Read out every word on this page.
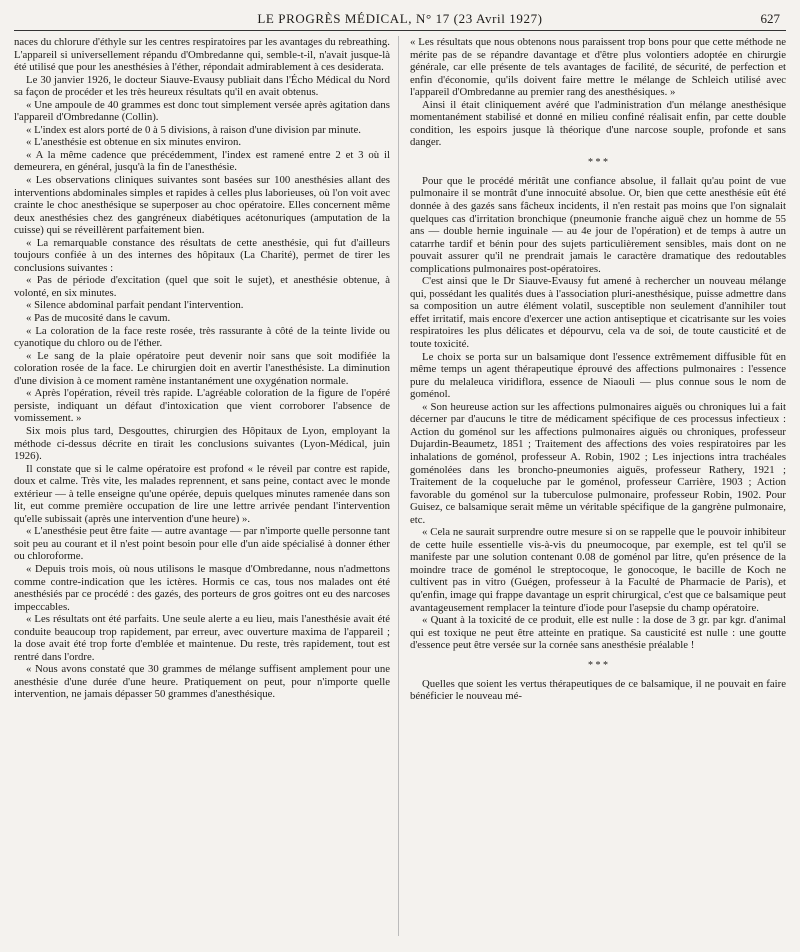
LE PROGRÈS MÉDICAL, N° 17 (23 Avril 1927)	627

naces du chlorure d'éthyle sur les centres respiratoires par les avantages du rebreathing. L'appareil si universellement répandu d'Ombredanne qui, semble-t-il, n'avait jusque-là été utilisé que pour les anesthésies à l'éther, répondait admirablement à ces desiderata.

Le 30 janvier 1926, le docteur Siauve-Evausy publiait dans l'Écho Médical du Nord sa façon de procéder et les très heureux résultats qu'il en avait obtenus.

« Une ampoule de 40 grammes est donc tout simplement versée après agitation dans l'appareil d'Ombredanne (Collin).

« L'index est alors porté de 0 à 5 divisions, à raison d'une division par minute.

« L'anesthésie est obtenue en six minutes environ.

« A la même cadence que précédemment, l'index est ramené entre 2 et 3 où il demeurera, en général, jusqu'à la fin de l'anesthésie.

« Les observations cliniques suivantes sont basées sur 100 anesthésies allant des interventions abdominales simples et rapides à celles plus laborieuses, où l'on voit avec crainte le choc anesthésique se superposer au choc opératoire. Elles concernent même deux anesthésies chez des gangréneux diabétiques acétonuriques (amputation de la cuisse) qui se réveillèrent parfaitement bien.

« La remarquable constance des résultats de cette anesthésie, qui fut d'ailleurs toujours confiée à un des internes des hôpitaux (La Charité), permet de tirer les conclusions suivantes :

« Pas de période d'excitation (quel que soit le sujet), et anesthésie obtenue, à volonté, en six minutes.

« Silence abdominal parfait pendant l'intervention.

« Pas de mucosité dans le cavum.

« La coloration de la face reste rosée, très rassurante à côté de la teinte livide ou cyanotique du chloro ou de l'éther.

« Le sang de la plaie opératoire peut devenir noir sans que soit modifiée la coloration rosée de la face. Le chirurgien doit en avertir l'anesthésiste. La diminution d'une division à ce moment ramène instantanément une oxygénation normale.

« Après l'opération, réveil très rapide. L'agréable coloration de la figure de l'opéré persiste, indiquant un défaut d'intoxication que vient corroborer l'absence de vomissement. »

Six mois plus tard, Desgouttes, chirurgien des Hôpitaux de Lyon, employant la méthode ci-dessus décrite en tirait les conclusions suivantes (Lyon-Médical, juin 1926).

Il constate que si le calme opératoire est profond « le réveil par contre est rapide, doux et calme. Très vite, les malades reprennent, et sans peine, contact avec le monde extérieur — à telle enseigne qu'une opérée, depuis quelques minutes ramenée dans son lit, eut comme première occupation de lire une lettre arrivée pendant l'intervention qu'elle subissait (après une intervention d'une heure) ».

« L'anesthésie peut être faite — autre avantage — par n'importe quelle personne tant soit peu au courant et il n'est point besoin pour elle d'un aide spécialisé à donner éther ou chloroforme.

« Depuis trois mois, où nous utilisons le masque d'Ombredanne, nous n'admettons comme contre-indication que les ictères. Hormis ce cas, tous nos malades ont été anesthésiés par ce procédé : des gazés, des porteurs de gros goitres ont eu des narcoses impeccables.

« Les résultats ont été parfaits. Une seule alerte a eu lieu, mais l'anesthésie avait été conduite beaucoup trop rapidement, par erreur, avec ouverture maxima de l'appareil ; la dose avait été trop forte d'emblée et maintenue. Du reste, très rapidement, tout est rentré dans l'ordre.

« Nous avons constaté que 30 grammes de mélange suffisent amplement pour une anesthésie d'une durée d'une heure. Pratiquement on peut, pour n'importe quelle intervention, ne jamais dépasser 50 grammes d'anesthésique.

« Les résultats que nous obtenons nous paraissent trop bons pour que cette méthode ne mérite pas de se répandre davantage et d'être plus volontiers adoptée en chirurgie générale, car elle présente de tels avantages de facilité, de sécurité, de perfection et enfin d'économie, qu'ils doivent faire mettre le mélange de Schleich utilisé avec l'appareil d'Ombredanne au premier rang des anesthésiques. »

Ainsi il était cliniquement avéré que l'administration d'un mélange anesthésique momentanément stabilisé et donné en milieu confiné réalisait enfin, par cette double condition, les espoirs jusque là théorique d'une narcose souple, profonde et sans danger.

* * *

Pour que le procédé méritât une confiance absolue, il fallait qu'au point de vue pulmonaire il se montrât d'une innocuité absolue. Or, bien que cette anesthésie eût été donnée à des gazés sans fâcheux incidents, il n'en restait pas moins que l'on signalait quelques cas d'irritation bronchique (pneumonie franche aiguë chez un homme de 55 ans — double hernie inguinale — au 4e jour de l'opération) et de temps à autre un catarrhe tardif et bénin pour des sujets particulièrement sensibles, mais dont on ne pouvait assurer qu'il ne prendrait jamais le caractère dramatique des redoutables complications pulmonaires post-opératoires.

C'est ainsi que le Dr Siauve-Evausy fut amené à rechercher un nouveau mélange qui, possédant les qualités dues à l'association pluri-anesthésique, puisse admettre dans sa composition un autre élément volatil, susceptible non seulement d'annihiler tout effet irritatif, mais encore d'exercer une action antiseptique et cicatrisante sur les voies respiratoires les plus délicates et dépourvu, cela va de soi, de toute causticité et de toute toxicité.

Le choix se porta sur un balsamique dont l'essence extrêmement diffusible fût en même temps un agent thérapeutique éprouvé des affections pulmonaires : l'essence pure du melaleuca viridiflora, essence de Niaouli — plus connue sous le nom de goménol.

« Son heureuse action sur les affections pulmonaires aiguës ou chroniques lui a fait décerner par d'aucuns le titre de médicament spécifique de ces processus infectieux : Action du goménol sur les affections pulmonaires aiguës ou chroniques, professeur Dujardin-Beaumetz, 1851 ; Traitement des affections des voies respiratoires par les inhalations de goménol, professeur A. Robin, 1902 ; Les injections intra trachéales goménolées dans les broncho-pneumonies aiguës, professeur Rathery, 1921 ; Traitement de la coqueluche par le goménol, professeur Carrière, 1903 ; Action favorable du goménol sur la tuberculose pulmonaire, professeur Robin, 1902. Pour Guisez, ce balsamique serait même un véritable spécifique de la gangrène pulmonaire, etc.

« Cela ne saurait surprendre outre mesure si on se rappelle que le pouvoir inhibiteur de cette huile essentielle vis-à-vis du pneumocoque, par exemple, est tel qu'il se manifeste par une solution contenant 0.08 de goménol par litre, qu'en présence de la moindre trace de goménol le streptocoque, le gonocoque, le bacille de Koch ne cultivent pas in vitro (Guégen, professeur à la Faculté de Pharmacie de Paris), et qu'enfin, image qui frappe davantage un esprit chirurgical, c'est que ce balsamique peut avantageusement remplacer la teinture d'iode pour l'asepsie du champ opératoire.

« Quant à la toxicité de ce produit, elle est nulle : la dose de 3 gr. par kgr. d'animal qui est toxique ne peut être atteinte en pratique. Sa causticité est nulle : une goutte d'essence peut être versée sur la cornée sans anesthésie préalable !

* * *

Quelles que soient les vertus thérapeutiques de ce balsamique, il ne pouvait en faire bénéficier le nouveau mé-
